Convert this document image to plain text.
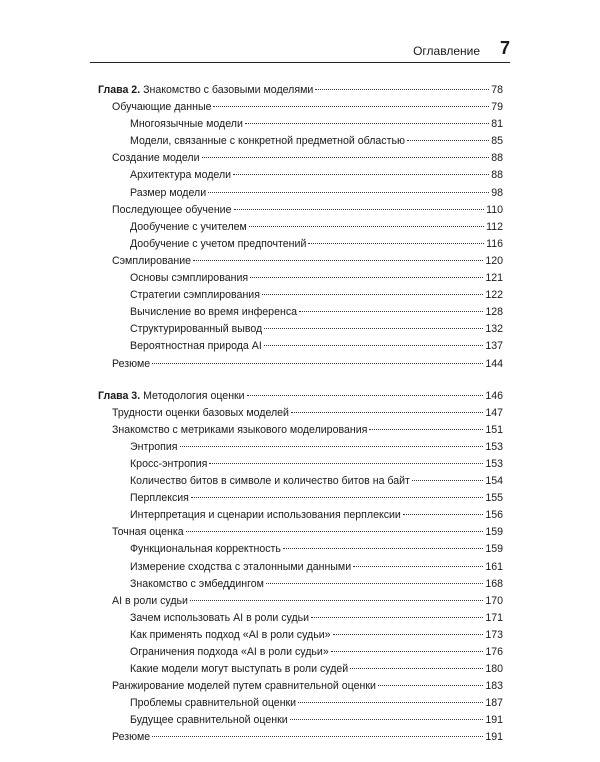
Оглавление 7
Глава 2. Знакомство с базовыми моделями	78
Обучающие данные	79
Многоязычные модели	81
Модели, связанные с конкретной предметной областью	85
Создание модели	88
Архитектура модели	88
Размер модели	98
Последующее обучение	110
Дообучение с учителем	112
Дообучение с учетом предпочтений	116
Сэмплирование	120
Основы сэмплирования	121
Стратегии сэмплирования	122
Вычисление во время инференса	128
Структурированный вывод	132
Вероятностная природа AI	137
Резюме	144
Глава 3. Методология оценки	146
Трудности оценки базовых моделей	147
Знакомство с метриками языкового моделирования	151
Энтропия	153
Кросс-энтропия	153
Количество битов в символе и количество битов на байт	154
Перплексия	155
Интерпретация и сценарии использования перплексии	156
Точная оценка	159
Функциональная корректность	159
Измерение сходства с эталонными данными	161
Знакомство с эмбеддингом	168
AI в роли судьи	170
Зачем использовать AI в роли судьи	171
Как применять подход «AI в роли судьи»	173
Ограничения подхода «AI в роли судьи»	176
Какие модели могут выступать в роли судей	180
Ранжирование моделей путем сравнительной оценки	183
Проблемы сравнительной оценки	187
Будущее сравнительной оценки	191
Резюме	191
